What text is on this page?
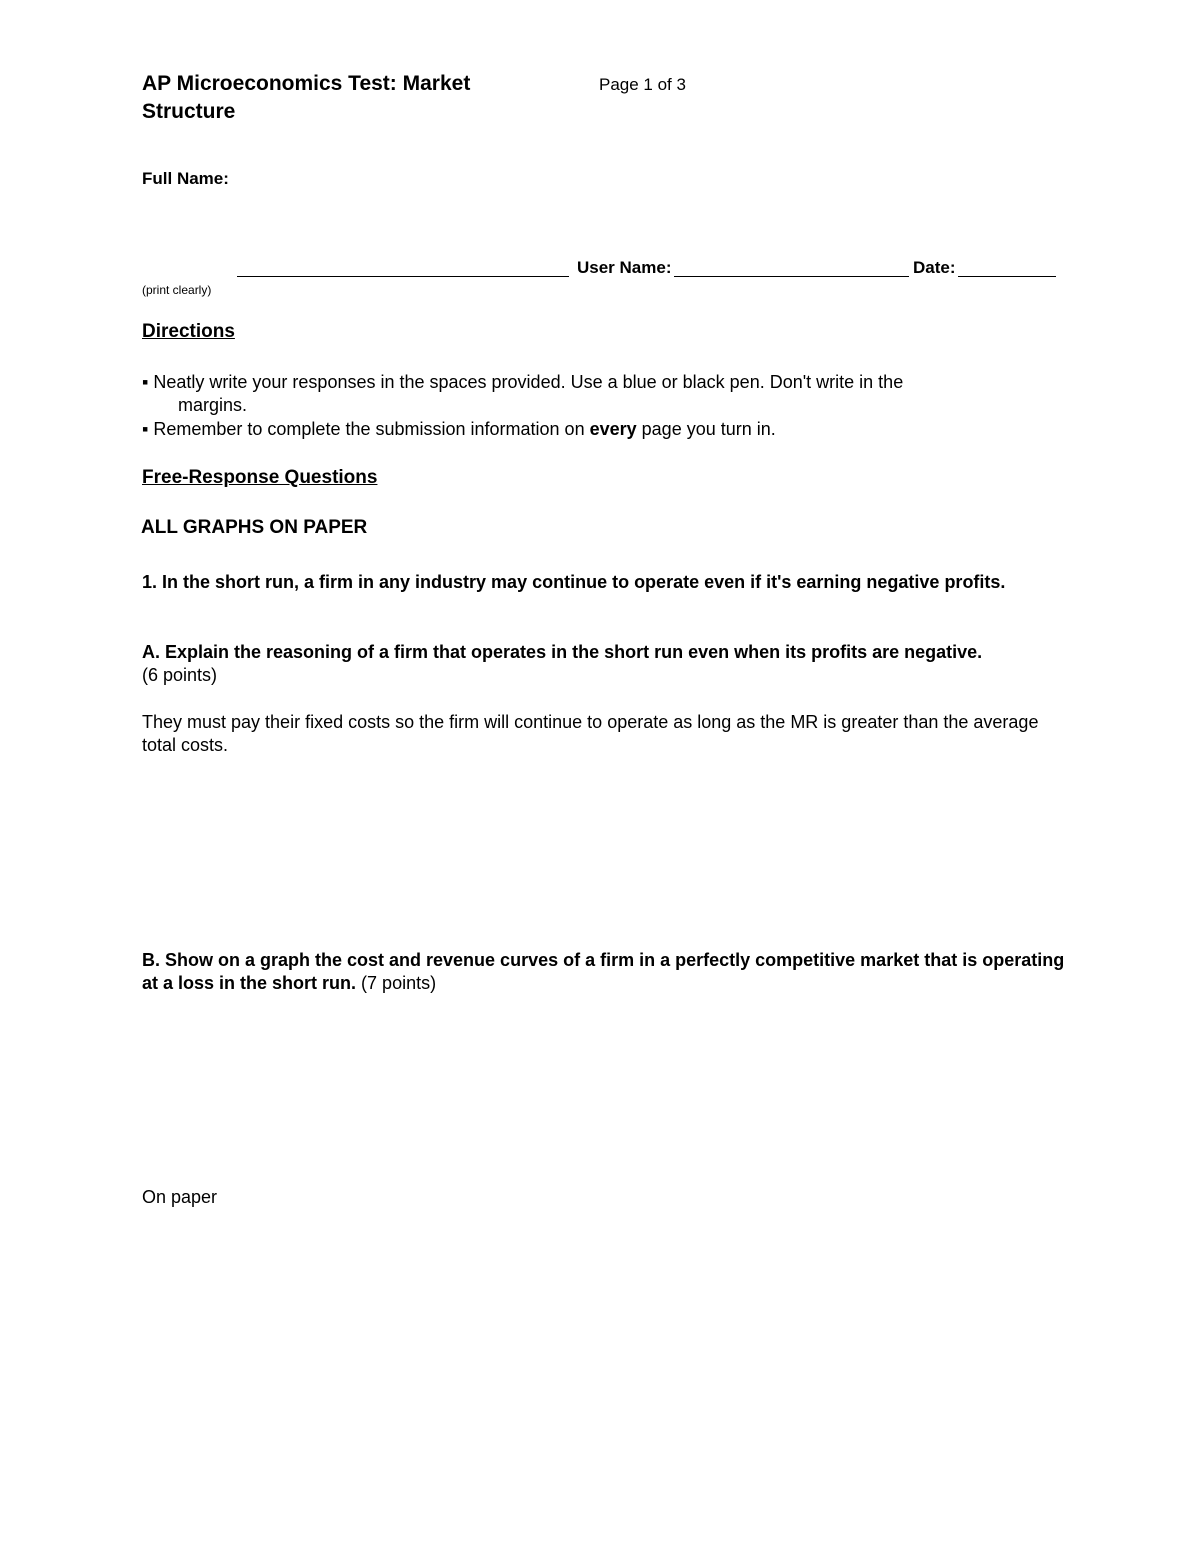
AP Microeconomics Test: Market Structure
Page 1 of 3
Full Name:
User Name:	Date:
(print clearly)
Directions
▪ Neatly write your responses in the spaces provided. Use a blue or black pen. Don't write in the
margins.
▪ Remember to complete the submission information on every page you turn in.
Free-Response Questions
ALL GRAPHS ON PAPER
1. In the short run, a firm in any industry may continue to operate even if it's earning negative profits.
A. Explain the reasoning of a firm that operates in the short run even when its profits are negative.
(6 points)
They must pay their fixed costs so the firm will continue to operate as long as the MR is greater than the average total costs.
B. Show on a graph the cost and revenue curves of a firm in a perfectly competitive market that is operating at a loss in the short run. (7 points)
On paper
